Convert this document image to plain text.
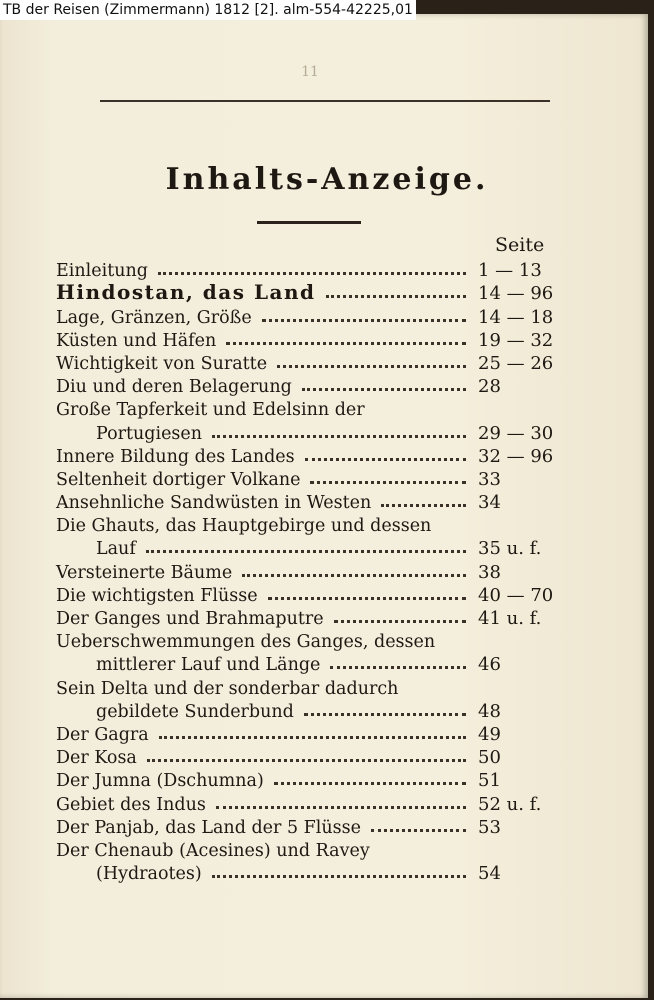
TB der Reisen (Zimmermann) 1812 [2]. alm-554-42225,01
11
Inhalts-Anzeige.
Seite
Einleitung	1 — 13
Hindostan, das Land	14 — 96
Lage, Gränzen, Größe	14 — 18
Küsten und Häfen	19 — 32
Wichtigkeit von Suratte	25 — 26
Diu und deren Belagerung	28
Große Tapferkeit und Edelsinn der
Portugiesen	29 — 30
Innere Bildung des Landes	32 — 96
Seltenheit dortiger Volkane	33
Ansehnliche Sandwüsten in Westen	34
Die Ghauts, das Hauptgebirge und dessen
Lauf	35 u. f.
Versteinerte Bäume	38
Die wichtigsten Flüsse	40 — 70
Der Ganges und Brahmaputre	41 u. f.
Ueberschwemmungen des Ganges, dessen
mittlerer Lauf und Länge	46
Sein Delta und der sonderbar dadurch
gebildete Sunderbund	48
Der Gagra	49
Der Kosa	50
Der Jumna (Dschumna)	51
Gebiet des Indus	52 u. f.
Der Panjab, das Land der 5 Flüsse	53
Der Chenaub (Acesines) und Ravey
(Hydraotes)	54
